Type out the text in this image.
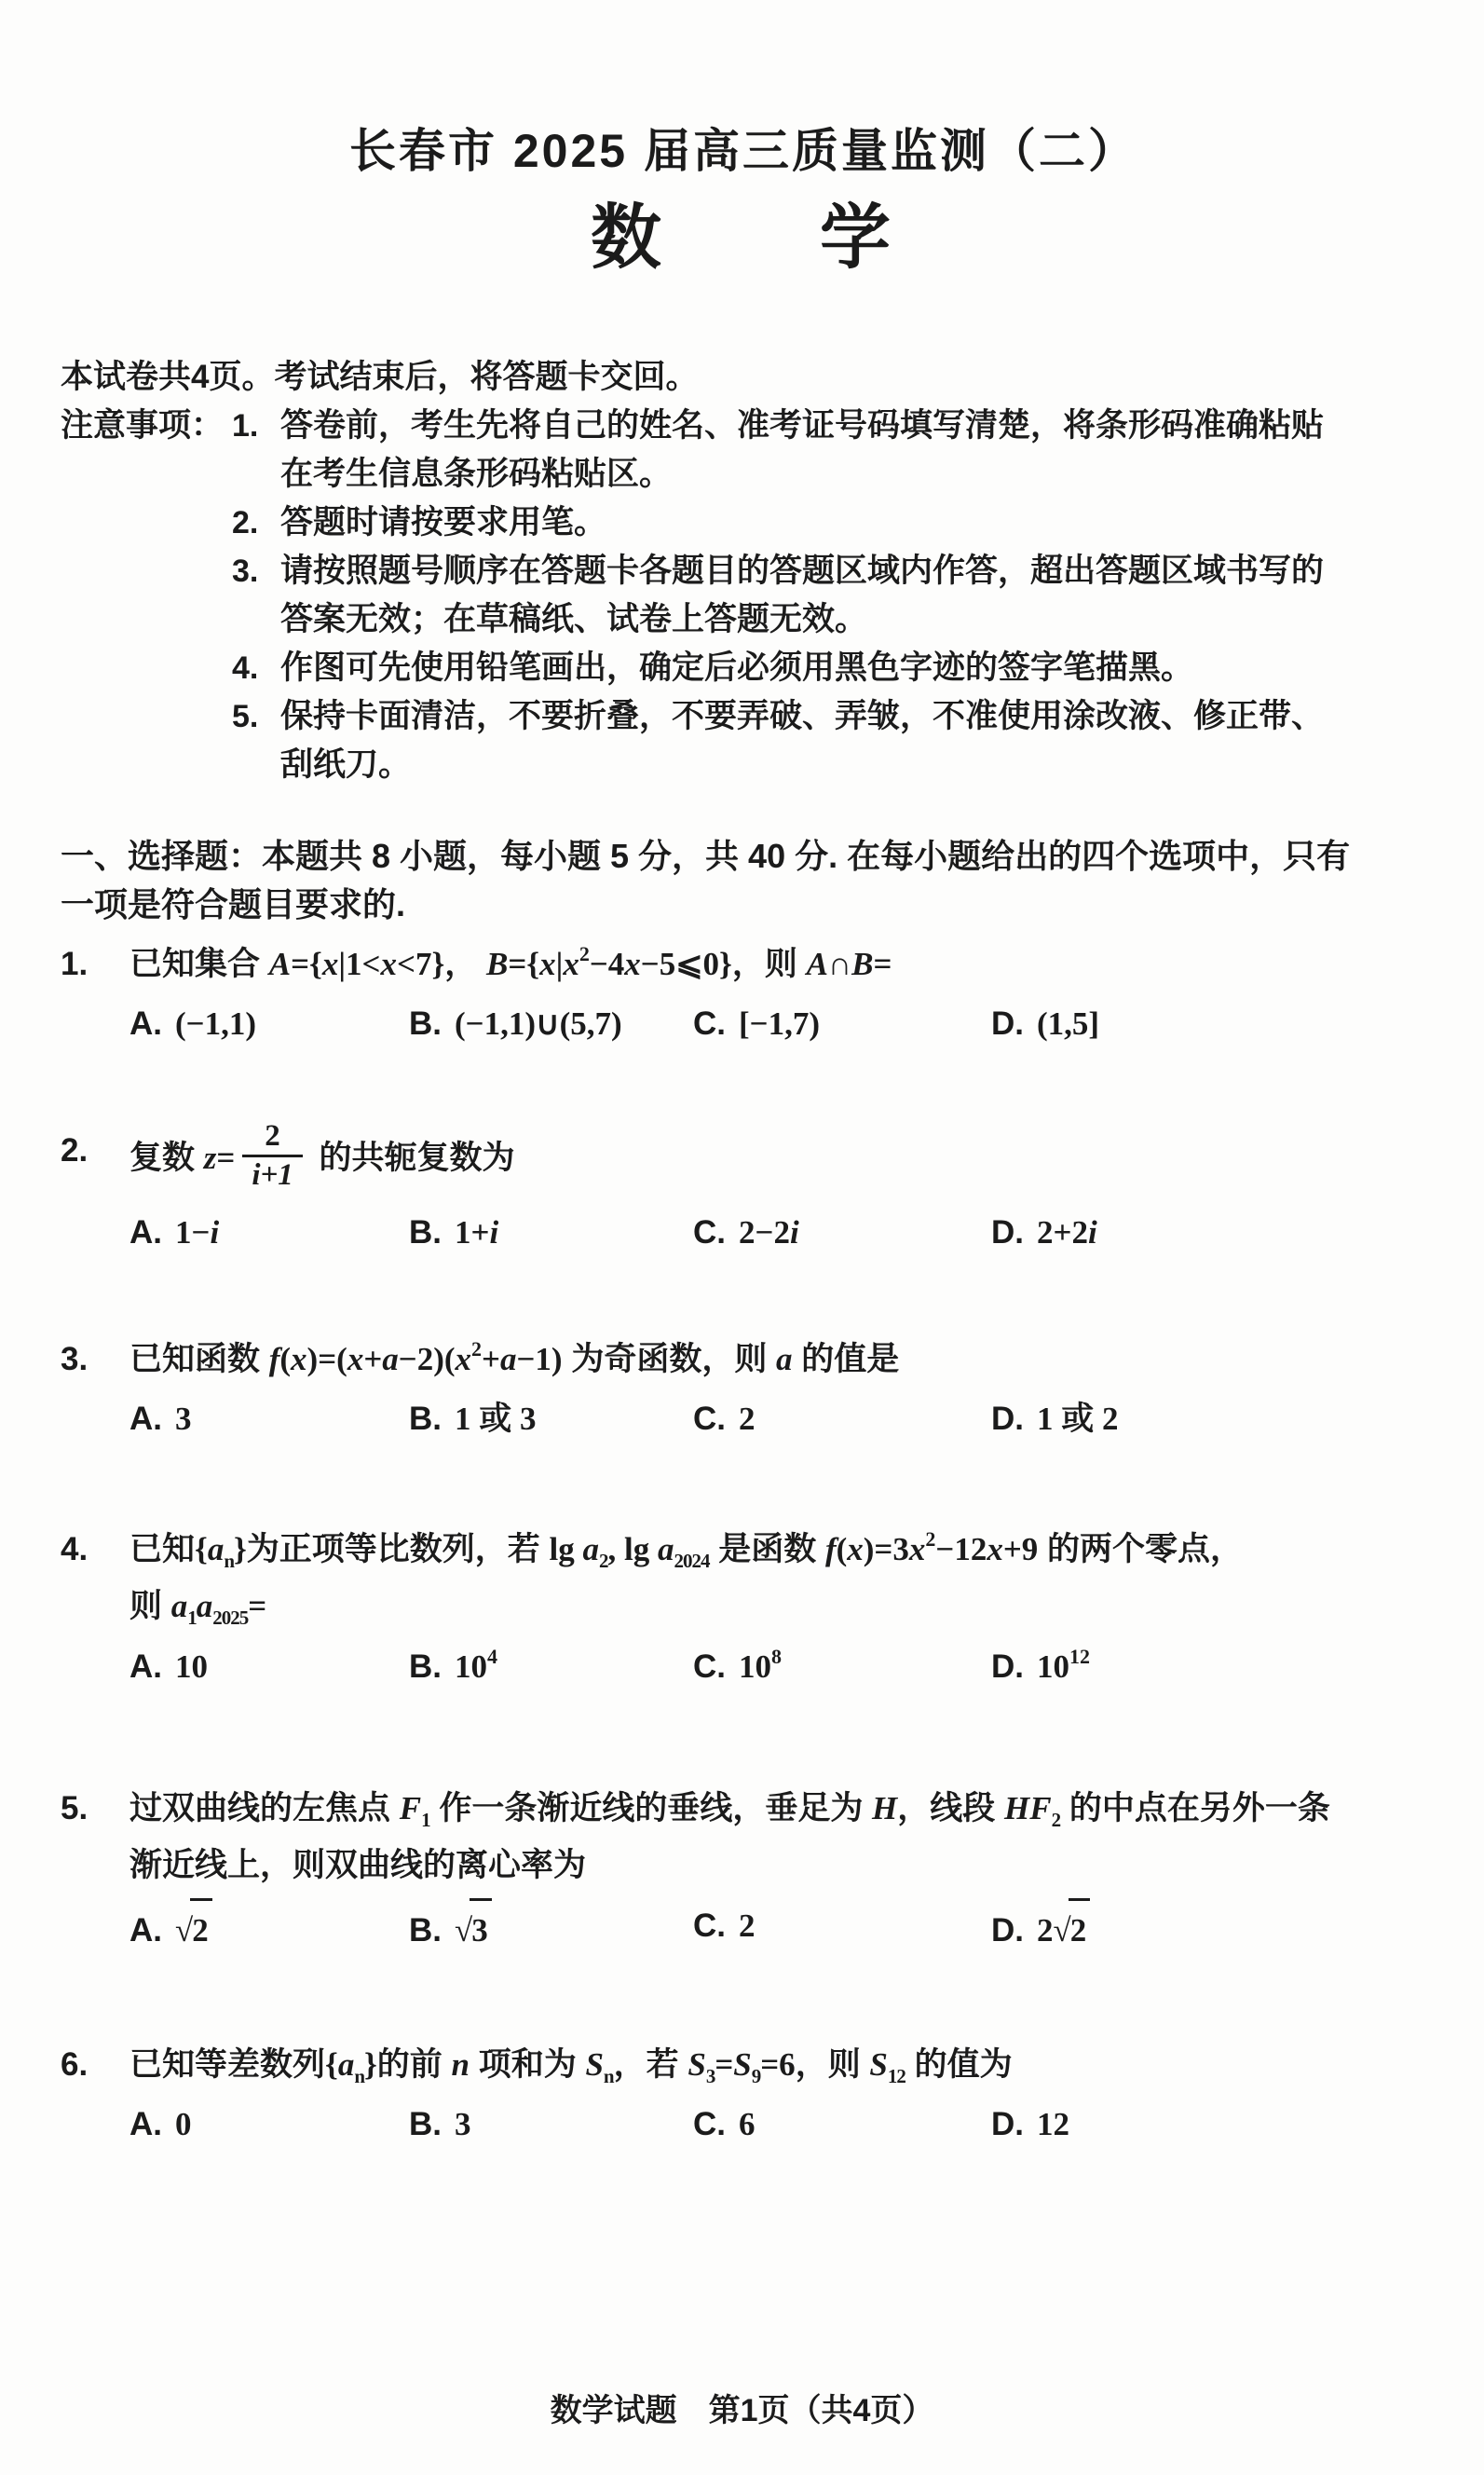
长春市 2025 届高三质量监测（二）
数　　学
本试卷共4页。考试结束后，将答题卡交回。
注意事项： 1. 答卷前，考生先将自己的姓名、准考证号码填写清楚，将条形码准确粘贴
在考生信息条形码粘贴区。
2. 答题时请按要求用笔。
3. 请按照题号顺序在答题卡各题目的答题区域内作答，超出答题区域书写的
答案无效；在草稿纸、试卷上答题无效。
4. 作图可先使用铅笔画出，确定后必须用黑色字迹的签字笔描黑。
5. 保持卡面清洁，不要折叠，不要弄破、弄皱，不准使用涂改液、修正带、
刮纸刀。
一、选择题：本题共 8 小题，每小题 5 分，共 40 分. 在每小题给出的四个选项中，只有
一项是符合题目要求的.
1.	已知集合 A={x|1<x<7}， $B=\{x|x^2-4x-5⩽0\}$，则 A∩B=
A. (−1,1)	B. (−1,1)∪(5,7)	C. [−1,7)	D. (1,5]
2.	复数 $z= \frac{2}{i+1}$ 的共轭复数为
A. 1−i	B. 1+i	C. 2−2i	D. 2+2i
3.	已知函数 $f(x)=(x+a-2)(x^2+a-1)$ 为奇函数，则 a 的值是
A. 3	B. 1 或 3	C. 2	D. 1 或 2
4.	已知$\{a_n\}$为正项等比数列，若 $\lg a_2$, $\lg a_{2024}$ 是函数 $f(x)=3x^2-12x+9$ 的两个零点，
则 $a_1a_{2025}=$
A. 10	B. $10^4$	C. $10^8$	D. $10^{12}$
5.	过双曲线的左焦点 $F_1$ 作一条渐近线的垂线，垂足为 H，线段 $HF_2$ 的中点在另外一条
渐近线上，则双曲线的离心率为
A. √2	B. √3	C. 2	D. 2√2
6.	已知等差数列$\{a_n\}$的前 n 项和为 $S_n$，若 $S_3=S_9=6$，则 $S_{12}$ 的值为
A. 0	B. 3	C. 6	D. 12
数学试题　第1页（共4页）
